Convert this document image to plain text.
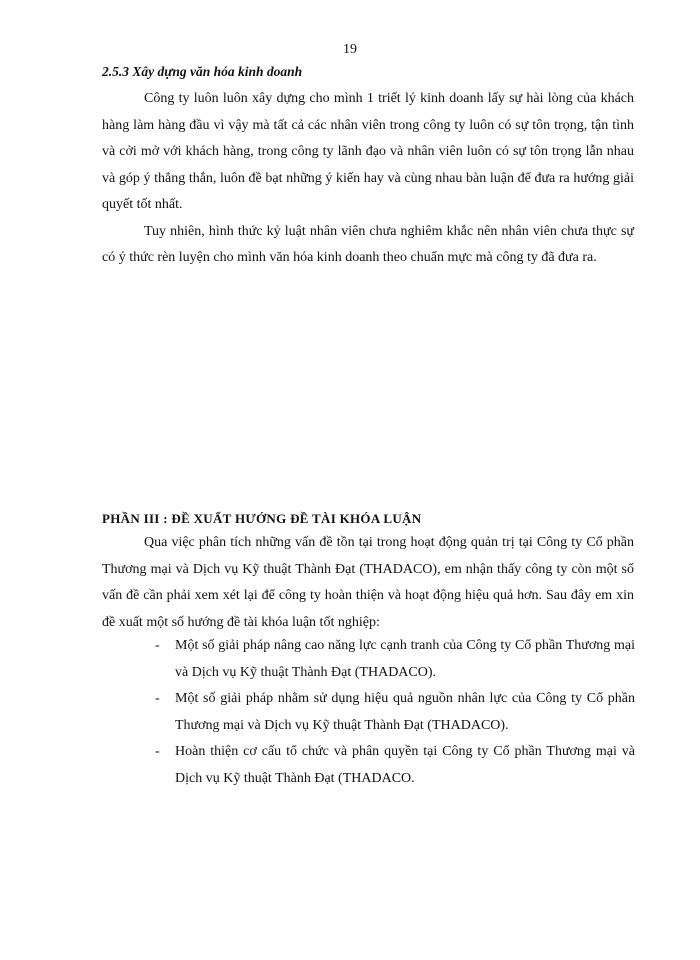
19
2.5.3 Xây dựng văn hóa kinh doanh

Công ty luôn luôn xây dựng cho mình 1 triết lý kinh doanh lấy sự hài lòng của khách hàng làm hàng đầu vì vậy mà tất cả các nhân viên trong công ty luôn có sự tôn trọng, tận tình và cởi mở với khách hàng, trong công ty lãnh đạo và nhân viên luôn có sự tôn trọng lẫn nhau và góp ý thẳng thắn, luôn đề bạt những ý kiến hay và cùng nhau bàn luận để đưa ra hướng giải quyết tốt nhất.

Tuy nhiên, hình thức kỷ luật nhân viên chưa nghiêm khắc nên nhân viên chưa thực sự có ý thức rèn luyện cho mình văn hóa kinh doanh theo chuẩn mực mà công ty đã đưa ra.

PHẦN III : ĐỀ XUẤT HƯỚNG ĐỀ TÀI KHÓA LUẬN

Qua việc phân tích những vấn đề tồn tại trong hoạt động quản trị tại Công ty Cổ phần Thương mại và Dịch vụ Kỹ thuật Thành Đạt (THADACO), em nhận thấy công ty còn một số vấn đề cần phải xem xét lại để công ty hoàn thiện và hoạt động hiệu quả hơn. Sau đây em xin đề xuất một số hướng đề tài khóa luận tốt nghiệp:

- Một số giải pháp nâng cao năng lực cạnh tranh của Công ty Cổ phần Thương mại và Dịch vụ Kỹ thuật Thành Đạt (THADACO).
- Một số giải pháp nhằm sử dụng hiệu quả nguồn nhân lực của Công ty Cổ phần Thương mại và Dịch vụ Kỹ thuật Thành Đạt (THADACO).
- Hoàn thiện cơ cấu tổ chức và phân quyền tại Công ty Cổ phần Thương mại và Dịch vụ Kỹ thuật Thành Đạt (THADACO.
